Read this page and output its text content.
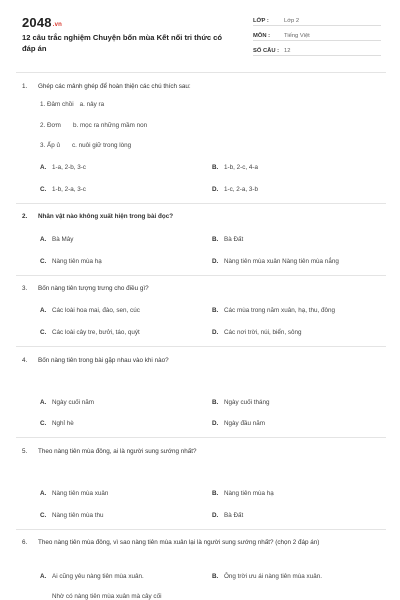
2048.vn
12 câu trắc nghiệm Chuyện bốn mùa Kết nối tri thức có đáp án
LỚP :	Lớp 2
MÔN : Tiếng Việt
SỐ CÂU : 12
1. Ghép các mảnh ghép để hoàn thiện các chú thích sau:
1. Đâm chồi a. nảy ra
2. Đơm b. mọc ra những mầm non
3. Ấp ủ c. nuôi giữ trong lòng
A. 1-a, 2-b, 3-c	B. 1-b, 2-c, 4-a
C. 1-b, 2-a, 3-c	D. 1-c, 2-a, 3-b
2. Nhân vật nào không xuất hiện trong bài đọc?
A. Bà Mây	B. Bà Đất
C. Nàng tiên mùa hạ	D. Nàng tiên mùa xuân Nàng tiên mùa nắng
3. Bốn nàng tiên tượng trưng cho điều gì?
A. Các loài hoa mai, đào, sen, cúc	B. Các mùa trong năm xuân, hạ, thu, đông
C. Các loài cây tre, bưởi, táo, quýt	D. Các nơi trời, núi, biển, sông
4. Bốn nàng tiên trong bài gặp nhau vào khi nào?
A. Ngày cuối năm	B. Ngày cuối tháng
C. Nghỉ hè	D. Ngày đầu năm
5. Theo nàng tiên mùa đông, ai là người sung sướng nhất?
A. Nàng tiên mùa xuân	B. Nàng tiên mùa hạ
C. Nàng tiên mùa thu	D. Bà Đất
6. Theo nàng tiên mùa đông, vì sao nàng tiên mùa xuân lại là người sung sướng nhất? (chọn 2 đáp án)
A. Ai cũng yêu nàng tiên mùa xuân.	B. Ông trời ưu ái nàng tiên mùa xuân.
Nhờ có nàng tiên mùa xuân mà cây cối
